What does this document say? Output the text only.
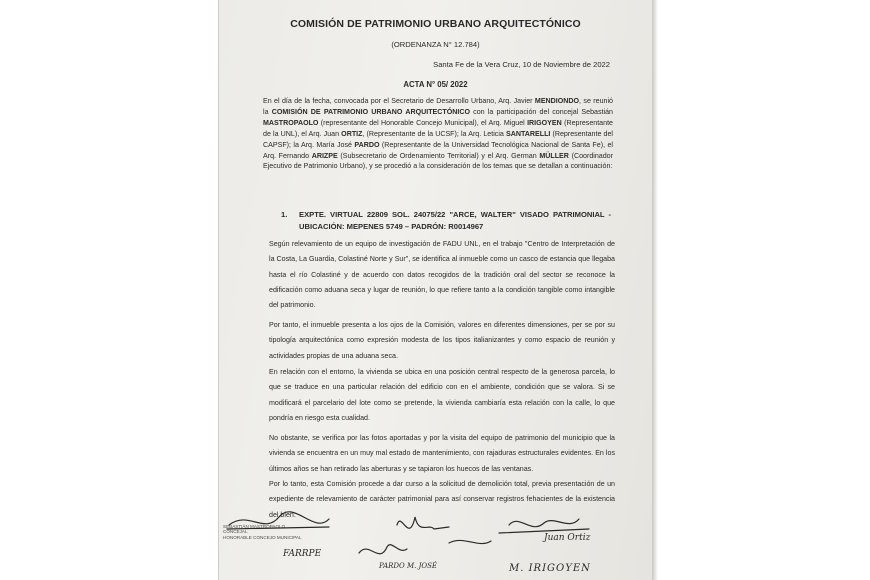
COMISIÓN DE PATRIMONIO URBANO ARQUITECTÓNICO
(ORDENANZA N° 12.784)
Santa Fe de la Vera Cruz, 10 de Noviembre de 2022
ACTA N° 05/ 2022
En el día de la fecha, convocada por el Secretario de Desarrollo Urbano, Arq. Javier MENDIONDO, se reunió la COMISIÓN DE PATRIMONIO URBANO ARQUITECTÓNICO con la participación del concejal Sebastián MASTROPAOLO (representante del Honorable Concejo Municipal), el Arq. Miguel IRIGOYEN (Representante de la UNL), el Arq. Juan ORTIZ, (Representante de la UCSF); la Arq. Leticia SANTARELLI (Representante del CAPSF); la Arq. María José PARDO (Representante de la Universidad Tecnológica Nacional de Santa Fe), el Arq. Fernando ARIZPE (Subsecretario de Ordenamiento Territorial) y el Arq. German MÜLLER (Coordinador Ejecutivo de Patrimonio Urbano), y se procedió a la consideración de los temas que se detallan a continuación:
1. EXPTE. VIRTUAL 22809 SOL. 24075/22 "ARCE, WALTER" VISADO PATRIMONIAL - UBICACIÓN: MEPENES 5749 – PADRÓN: R0014967
Según relevamiento de un equipo de investigación de FADU UNL, en el trabajo "Centro de Interpretación de la Costa, La Guardia, Colastiné Norte y Sur", se identifica al inmueble como un casco de estancia que llegaba hasta el río Colastiné y de acuerdo con datos recogidos de la tradición oral del sector se reconoce la edificación como aduana seca y lugar de reunión, lo que refiere tanto a la condición tangible como intangible del patrimonio.
Por tanto, el inmueble presenta a los ojos de la Comisión, valores en diferentes dimensiones, per se por su tipología arquitectónica como expresión modesta de los tipos italianizantes y como espacio de reunión y actividades propias de una aduana seca.
En relación con el entorno, la vivienda se ubica en una posición central respecto de la generosa parcela, lo que se traduce en una particular relación del edificio con en el ambiente, condición que se valora. Si se modificará el parcelario del lote como se pretende, la vivienda cambiaría esta relación con la calle, lo que pondría en riesgo esta cualidad.
No obstante, se verifica por las fotos aportadas y por la visita del equipo de patrimonio del municipio que la vivienda se encuentra en un muy mal estado de mantenimiento, con rajaduras estructurales evidentes. En los últimos años se han retirado las aberturas y se tapiaron los huecos de las ventanas.
Por lo tanto, esta Comisión procede a dar curso a la solicitud de demolición total, previa presentación de un expediente de relevamiento de carácter patrimonial para así conservar registros fehacientes de la existencia del bien.
SEBASTIÁN MASTROPAOLO
CONCEJAL
HONORABLE CONCEJO MUNICIPAL
FARRPE
PARDO M. JOSÉ
Juan Ortiz
M. IRIGOYEN
